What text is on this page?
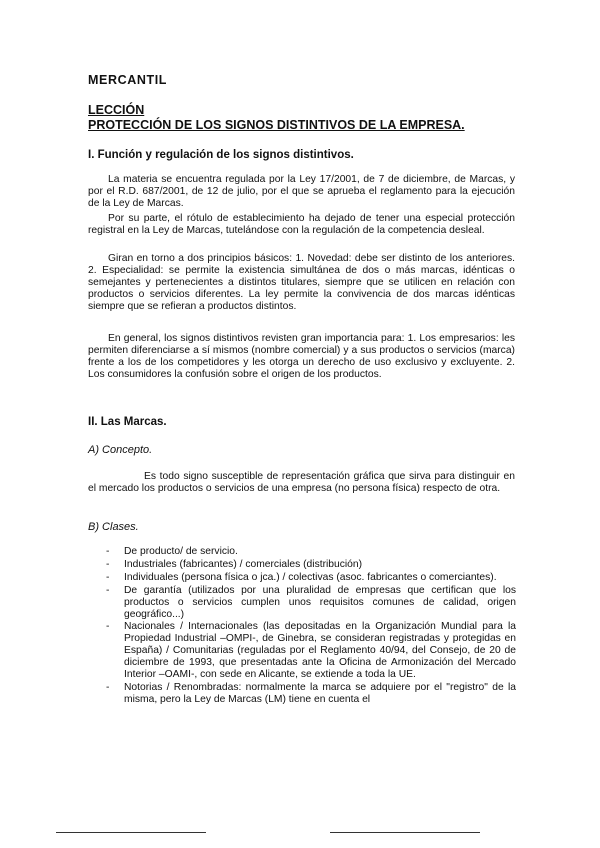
MERCANTIL
LECCIÓN
PROTECCIÓN DE LOS SIGNOS DISTINTIVOS DE LA EMPRESA.
I. Función y regulación de los signos distintivos.

La materia se encuentra regulada por la Ley 17/2001, de 7 de diciembre, de Marcas, y por el R.D. 687/2001, de 12 de julio, por el que se aprueba el reglamento para la ejecución de la Ley de Marcas.

Por su parte, el rótulo de establecimiento ha dejado de tener una especial protección registral en la Ley de Marcas, tutelándose con la regulación de la competencia desleal.

Giran en torno a dos principios básicos: 1. Novedad: debe ser distinto de los anteriores. 2. Especialidad: se permite la existencia simultánea de dos o más marcas, idénticas o semejantes y pertenecientes a distintos titulares, siempre que se utilicen en relación con productos o servicios diferentes. La ley permite la convivencia de dos marcas idénticas siempre que se refieran a productos distintos.

En general, los signos distintivos revisten gran importancia para: 1. Los empresarios: les permiten diferenciarse a sí mismos (nombre comercial) y a sus productos o servicios (marca) frente a los de los competidores y les otorga un derecho de uso exclusivo y excluyente. 2. Los consumidores la confusión sobre el origen de los productos.

II. Las Marcas.
A) Concepto.

Es todo signo susceptible de representación gráfica que sirva para distinguir en el mercado los productos o servicios de una empresa (no persona física) respecto de otra.

B) Clases.
- De producto/ de servicio.
- Industriales (fabricantes) / comerciales (distribución)
- Individuales (persona física o jca.) / colectivas (asoc. fabricantes o comerciantes).
- De garantía (utilizados por una pluralidad de empresas que certifican que los productos o servicios cumplen unos requisitos comunes de calidad, origen geográfico...)
- Nacionales / Internacionales (las depositadas en la Organización Mundial para la Propiedad Industrial –OMPI-, de Ginebra, se consideran registradas y protegidas en España) / Comunitarias (reguladas por el Reglamento 40/94, del Consejo, de 20 de diciembre de 1993, que presentadas ante la Oficina de Armonización del Mercado Interior –OAMI-, con sede en Alicante, se extiende a toda la UE.
- Notorias / Renombradas: normalmente la marca se adquiere por el "registro" de la misma, pero la Ley de Marcas (LM) tiene en cuenta el
